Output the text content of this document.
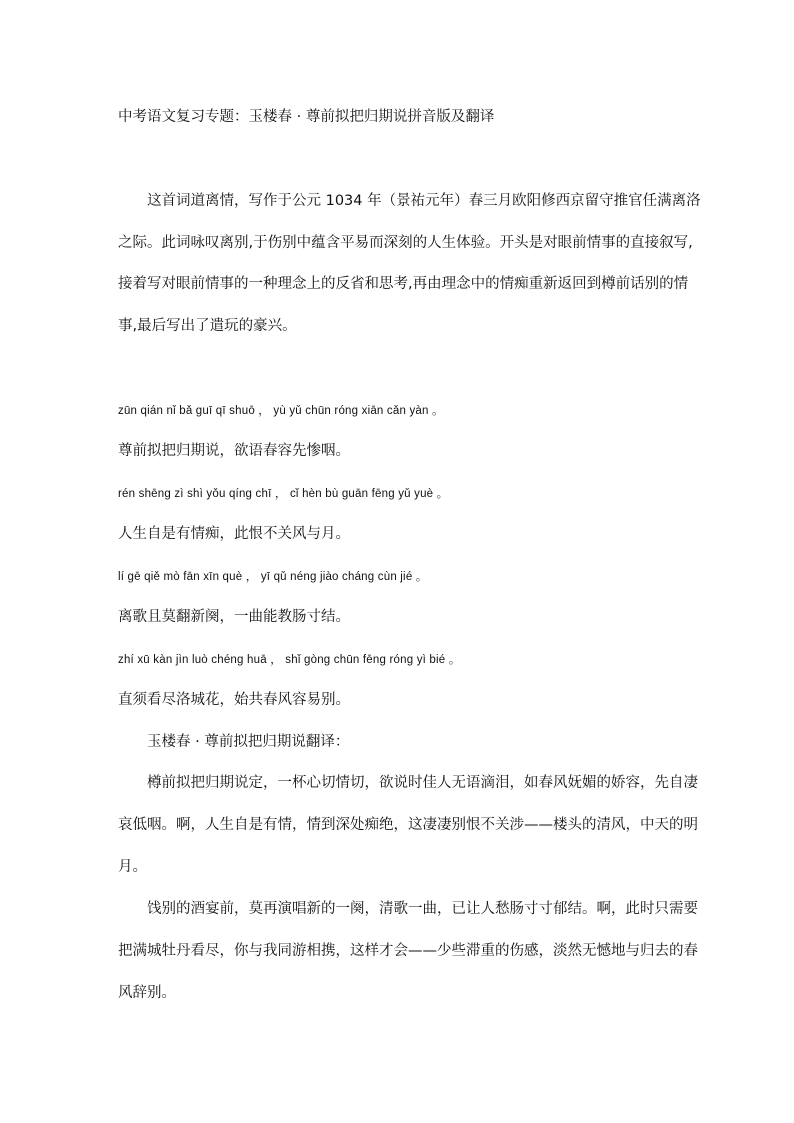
中考语文复习专题：玉楼春 · 尊前拟把归期说拼音版及翻译
这首词道离情，写作于公元 1034 年（景祐元年）春三月欧阳修西京留守推官任满离洛
之际。此词咏叹离别,于伤别中蕴含平易而深刻的人生体验。开头是对眼前情事的直接叙写,
接着写对眼前情事的一种理念上的反省和思考,再由理念中的情痴重新返回到樽前话别的情
事,最后写出了遣玩的豪兴。
zūn qián nǐ bǎ guī qī shuō ， yù yǔ chūn róng xiān cǎn yàn 。
尊前拟把归期说，欲语春容先惨咽。
rén shēng zì shì yǒu qíng chī ， cǐ hèn bù guān fēng yǔ yuè 。
人生自是有情痴，此恨不关风与月。
lí gē qiě mò fān xīn què ， yī qǔ néng jiào cháng cùn jié 。
离歌且莫翻新阕，一曲能教肠寸结。
zhí xū kàn jìn luò chéng huā ， shǐ gòng chūn fēng róng yì bié 。
直须看尽洛城花，始共春风容易别。
玉楼春 · 尊前拟把归期说翻译：
樽前拟把归期说定，一杯心切情切，欲说时佳人无语滴泪，如春风妩媚的娇容，先自凄
哀低咽。啊，人生自是有情，情到深处痴绝，这凄凄别恨不关涉——楼头的清风，中天的明
月。
饯别的酒宴前，莫再演唱新的一阕，清歌一曲，已让人愁肠寸寸郁结。啊，此时只需要
把满城牡丹看尽，你与我同游相携，这样才会——少些滞重的伤感，淡然无憾地与归去的春
风辞别。
